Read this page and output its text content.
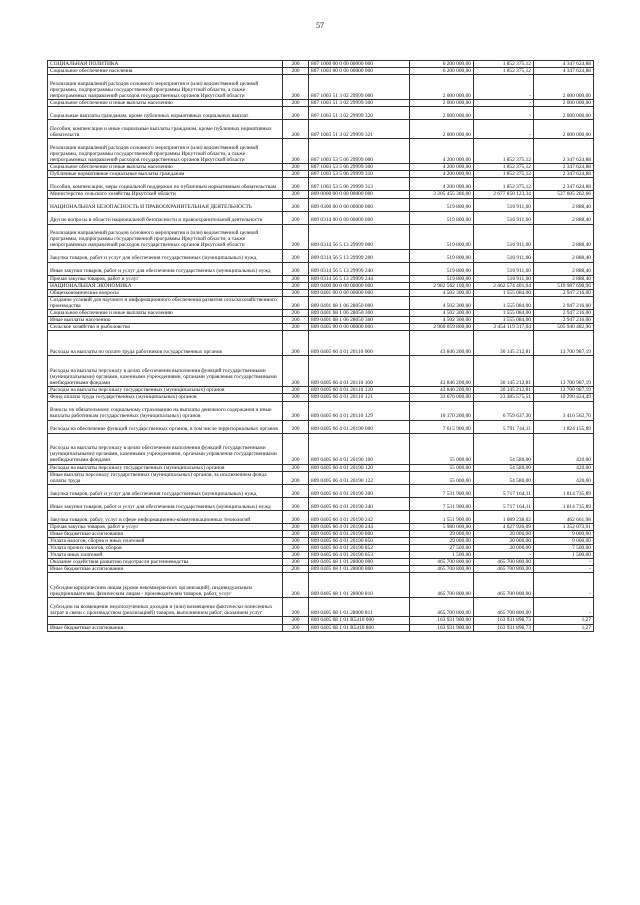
57
СОЦИАЛЬНАЯ ПОЛИТИКА	200	807 1000 00 0 00 00000 000	6 200 000,00	1 852 375,12	4 347 624,88
Социальное обеспечение населения	200	807 1003 00 0 00 00000 000	6 200 000,00	1 852 375,12	4 347 624,88
Реализация направлений расходов основного мероприятия и (или) ведомственной целевой программы, подпрограммы государственной программы Иркутской области, а также непрограммных направлений расходов государственных органов Иркутской области	200	807 1003 51 3 02 29999 000	2 000 000,00	-	2 000 000,00
Социальное обеспечение и иные выплаты населению	200	807 1003 51 3 02 29999 300	2 000 000,00	-	2 000 000,00
Социальные выплаты гражданам, кроме публичных нормативных социальных выплат	200	807 1003 51 3 02 29999 320	2 000 000,00	-	2 000 000,00
Пособия, компенсации и иные социальные выплаты гражданам, кроме публичных нормативных обязательств	200	807 1003 51 3 02 29999 321	2 000 000,00	-	2 000 000,00
Реализация направлений расходов основного мероприятия и (или) ведомственной целевой программы, подпрограммы государственной программы Иркутской области, а также непрограммных направлений расходов государственных органов Иркутской области	200	807 1003 53 5 06 29999 000	4 200 000,00	1 852 375,12	2 347 624,88
Социальное обеспечение и иные выплаты населению	200	807 1003 53 5 06 29999 300	4 200 000,00	1 852 375,12	2 347 624,88
Публичные нормативные социальные выплаты гражданам	200	807 1003 53 5 06 29999 310	4 200 000,00	1 852 375,12	2 347 624,88
Пособия, компенсации, меры социальной поддержки по публичным нормативным обязательствам	200	807 1003 53 5 06 29999 313	4 200 000,00	1 852 375,12	2 347 624,88
Министерство сельского хозяйства Иркутской области	200	809 0000 00 0 00 00000 000	3 205 455 386,00	2 677 850 123,34	527 605 262,66
НАЦИОНАЛЬНАЯ БЕЗОПАСНОСТЬ И ПРАВООХРАНИТЕЛЬНАЯ ДЕЯТЕЛЬНОСТЬ	200	809 0300 00 0 00 00000 000	519 800,00	516 911,60	2 888,40
Другие вопросы в области национальной безопасности и правоохранительной деятельности	200	809 0314 00 0 00 00000 000	519 800,00	516 911,60	2 888,40
Реализация направлений расходов основного мероприятия и (или) ведомственной целевой программы, подпрограммы государственной программы Иркутской области, а также непрограммных направлений расходов государственных органов Иркутской области	200	809 0314 56 5 13 29999 000	519 800,00	516 911,60	2 888,40
Закупка товаров, работ и услуг для обеспечения государственных (муниципальных) нужд	200	809 0314 56 5 13 29999 200	519 800,00	516 911,60	2 888,40
Иные закупки товаров, работ и услуг для обеспечения государственных (муниципальных) нужд	200	809 0314 56 5 13 29999 240	519 800,00	516 911,60	2 888,40
Прочая закупка товаров, работ и услуг	200	809 0314 56 5 13 29999 244	519 800,00	516 911,60	2 888,40
НАЦИОНАЛЬНАЯ ЭКОНОМИКА	200	809 0400 00 0 00 00000 000	2 982 562 100,00	2 462 574 401,04	519 987 698,96
Общеэкономические вопросы	200	809 0401 00 0 00 00000 000	4 502 300,00	1 555 084,00	2 947 216,00
Создание условий для научного и информационного обеспечения развития сельскохозяйственного производства	200	809 0401 68 1 06 28050 000	4 502 300,00	1 555 084,00	2 947 216,00
Социальное обеспечение и иные выплаты населению	200	809 0401 68 1 06 28050 300	4 502 300,00	1 555 084,00	2 947 216,00
Иные выплаты населению	200	809 0401 68 1 06 28050 360	4 502 300,00	1 555 084,00	2 947 216,00
Сельское хозяйство и рыболовство	200	809 0405 00 0 00 00000 000	2 960 059 800,00	2 454 119 317,04	505 940 482,96
Расходы на выплаты по оплате труда работников государственных органов	200	809 0405 66 4 01 20110 000	43 846 200,00	30 145 212,81	13 700 987,19
Расходы на выплаты персоналу в целях обеспечения выполнения функций государственными (муниципальными) органами, казенными учреждениями, органами управления государственными внебюджетными фондами	200	809 0405 66 4 01 20110 100	43 846 200,00	30 145 212,81	13 700 987,19
Расходы на выплаты персоналу государственных (муниципальных) органов	200	809 0405 66 4 01 20110 120	43 846 200,00	30 145 212,81	13 700 987,19
Фонд оплаты труда государственных (муниципальных) органов	200	809 0405 66 4 01 20110 121	33 676 000,00	23 385 575,51	10 290 424,49
Взносы по обязательному социальному страхованию на выплаты денежного содержания и иные выплаты работникам государственных (муниципальных) органов	200	809 0405 66 4 01 20110 129	10 170 200,00	6 759 637,30	3 410 562,70
Расходы на обеспечение функций государственных органов, в том числе территориальных органов	200	809 0405 66 4 01 20190 000	7 615 900,00	5 791 744,11	1 824 155,89
Расходы на выплаты персоналу в целях обеспечения выполнения функций государственными (муниципальными) органами, казенными учреждениями, органами управления государственными внебюджетными фондами	200	809 0405 66 4 01 20190 100	55 000,00	54 580,00	420,00
Расходы на выплаты персоналу государственных (муниципальных) органов	200	809 0405 66 4 01 20190 120	55 000,00	54 580,00	420,00
Иные выплаты персоналу государственных (муниципальных) органов, за исключением фонда оплаты труда	200	809 0405 66 4 01 20190 122	55 000,00	54 580,00	420,00
Закупка товаров, работ и услуг для обеспечения государственных (муниципальных) нужд	200	809 0405 66 4 01 20190 200	7 531 900,00	5 717 164,11	1 814 735,89
Иные закупки товаров, работ и услуг для обеспечения государственных (муниципальных) нужд	200	809 0405 66 4 01 20190 240	7 531 900,00	5 717 164,11	1 814 735,89
Закупка товаров, работ, услуг в сфере информационно-коммуникационных технологий	200	809 0405 66 4 01 20190 242	1 551 900,00	1 089 238,02	462 661,98
Прочая закупка товаров, работ и услуг	200	809 0405 66 4 01 20190 244	5 980 000,00	4 627 926,09	1 352 073,91
Иные бюджетные ассигнования	200	809 0405 66 4 01 20190 800	29 000,00	20 000,00	9 000,00
Уплата налогов, сборов и иных платежей	200	809 0405 66 4 01 20190 850	29 000,00	20 000,00	9 000,00
Уплата прочих налогов, сборов	200	809 0405 66 4 01 20190 852	27 500,00	20 000,00	7 500,00
Уплата иных платежей	200	809 0405 66 4 01 20190 853	1 500,00	-	1 500,00
Оказание содействия развитию подотрасли растениеводства	200	809 0405 68 1 01 28000 000	465 700 800,00	465 700 800,00	-
Иные бюджетные ассигнования	200	809 0405 68 1 01 28000 800	465 700 800,00	465 700 800,00	-
Субсидии юридическим лицам (кроме некоммерческих организаций), индивидуальным предпринимателям, физическим лицам - производителям товаров, работ, услуг	200	809 0405 68 1 01 28000 810	465 700 800,00	465 700 800,00	-
Субсидии на возмещение недополученных доходов и (или) возмещение фактически понесенных затрат в связи с производством (реализацией) товаров, выполнением работ, оказанием услуг	200	809 0405 68 1 01 28000 811	465 700 800,00	465 700 800,00	-
	200	809 0405 68 1 01 R5410 000	163 931 900,00	163 931 898,73	1,27
Иные бюджетные ассигнования	200	809 0405 68 1 01 R5410 800	163 931 900,00	163 931 898,73	1,27
